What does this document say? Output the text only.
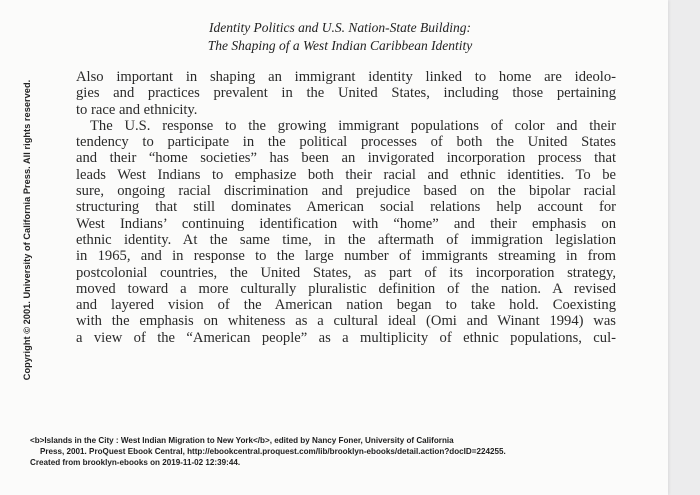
Copyright © 2001. University of California Press. All rights reserved.
Identity Politics and U.S. Nation-State Building:
The Shaping of a West Indian Caribbean Identity
Also important in shaping an immigrant identity linked to home are ideolo-
gies and practices prevalent in the United States, including those pertaining
to race and ethnicity.
The U.S. response to the growing immigrant populations of color and their
tendency to participate in the political processes of both the United States
and their “home societies” has been an invigorated incorporation process that
leads West Indians to emphasize both their racial and ethnic identities. To be
sure, ongoing racial discrimination and prejudice based on the bipolar racial
structuring that still dominates American social relations help account for
West Indians’ continuing identification with “home” and their emphasis on
ethnic identity. At the same time, in the aftermath of immigration legislation
in 1965, and in response to the large number of immigrants streaming in from
postcolonial countries, the United States, as part of its incorporation strategy,
moved toward a more culturally pluralistic definition of the nation. A revised
and layered vision of the American nation began to take hold. Coexisting
with the emphasis on whiteness as a cultural ideal (Omi and Winant 1994) was
a view of the “American people” as a multiplicity of ethnic populations, cul-
<b>Islands in the City : West Indian Migration to New York</b>, edited by Nancy Foner, University of California
Press, 2001. ProQuest Ebook Central, http://ebookcentral.proquest.com/lib/brooklyn-ebooks/detail.action?docID=224255.
Created from brooklyn-ebooks on 2019-11-02 12:39:44.
